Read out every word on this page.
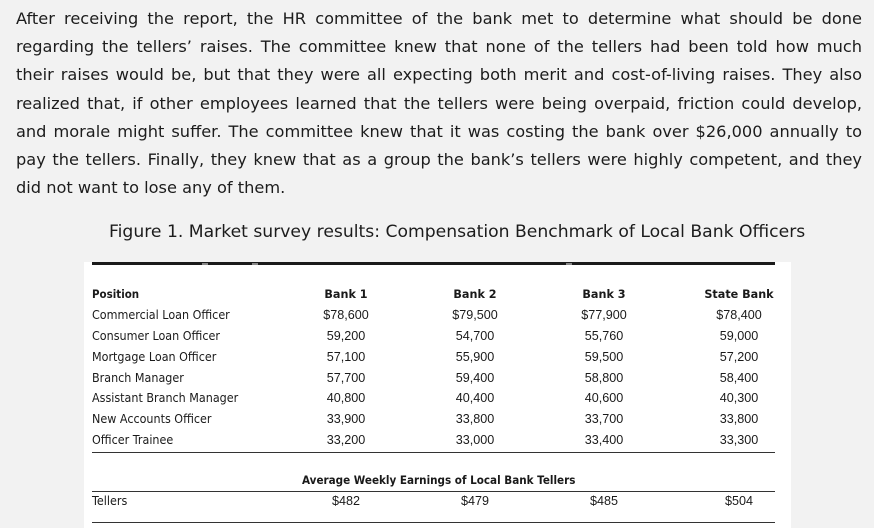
After receiving the report, the HR committee of the bank met to determine what should be done
regarding the tellers’ raises. The committee knew that none of the tellers had been told how much
their raises would be, but that they were all expecting both merit and cost-of-living raises. They also
realized that, if other employees learned that the tellers were being overpaid, friction could develop,
and morale might suffer. The committee knew that it was costing the bank over $26,000 annually to
pay the tellers. Finally, they knew that as a group the bank’s tellers were highly competent, and they
did not want to lose any of them.

Figure 1. Market survey results: Compensation Benchmark of Local Bank Officers
Position	Bank 1	Bank 2	Bank 3	State Bank
Commercial Loan Officer	$78,600	$79,500	$77,900	$78,400
Consumer Loan Officer	59,200	54,700	55,760	59,000
Mortgage Loan Officer	57,100	55,900	59,500	57,200
Branch Manager	57,700	59,400	58,800	58,400
Assistant Branch Manager	40,800	40,400	40,600	40,300
New Accounts Officer	33,900	33,800	33,700	33,800
Officer Trainee	33,200	33,000	33,400	33,300
Average Weekly Earnings of Local Bank Tellers
Tellers	$482	$479	$485	$504
